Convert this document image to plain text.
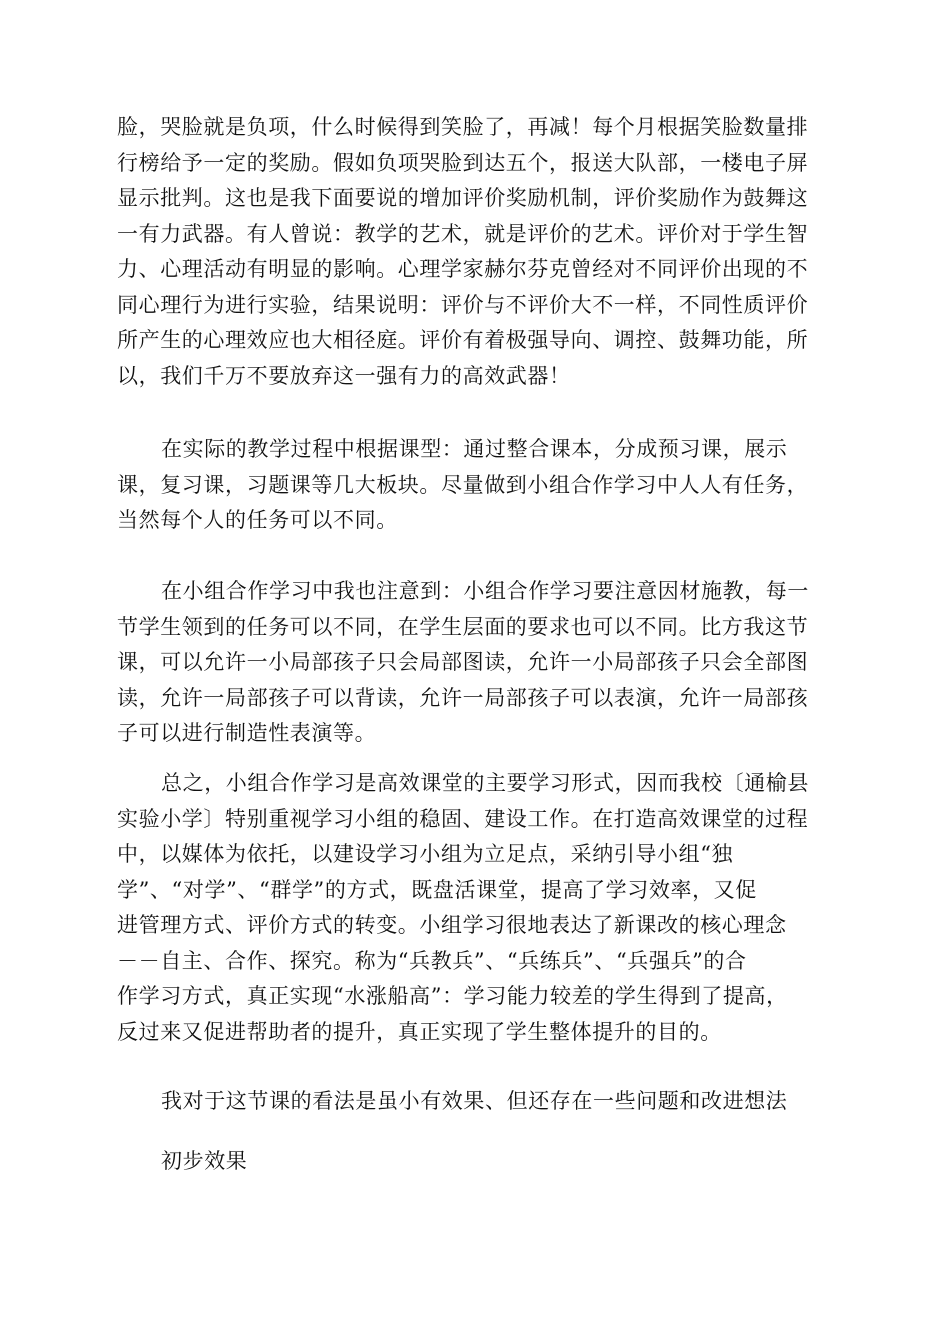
脸，哭脸就是负项，什么时候得到笑脸了，再减！每个月根据笑脸数量排
行榜给予一定的奖励。假如负项哭脸到达五个，报送大队部，一楼电子屏
显示批判。这也是我下面要说的增加评价奖励机制，评价奖励作为鼓舞这
一有力武器。有人曾说：教学的艺术，就是评价的艺术。评价对于学生智
力、心理活动有明显的影响。心理学家赫尔芬克曾经对不同评价出现的不
同心理行为进行实验，结果说明：评价与不评价大不一样，不同性质评价
所产生的心理效应也大相径庭。评价有着极强导向、调控、鼓舞功能，所
以，我们千万不要放弃这一强有力的高效武器！
在实际的教学过程中根据课型：通过整合课本，分成预习课，展示
课，复习课，习题课等几大板块。尽量做到小组合作学习中人人有任务，
当然每个人的任务可以不同。
在小组合作学习中我也注意到：小组合作学习要注意因材施教，每一
节学生领到的任务可以不同，在学生层面的要求也可以不同。比方我这节
课，可以允许一小局部孩子只会局部图读，允许一小局部孩子只会全部图
读，允许一局部孩子可以背读，允许一局部孩子可以表演，允许一局部孩
子可以进行制造性表演等。
总之，小组合作学习是高效课堂的主要学习形式，因而我校〔通榆县
实验小学〕特别重视学习小组的稳固、建设工作。在打造高效课堂的过程
中，以媒体为依托，以建设学习小组为立足点，采纳引导小组“独
学”、“对学”、“群学”的方式，既盘活课堂，提高了学习效率，又促
进管理方式、评价方式的转变。小组学习很地表达了新课改的核心理念
－－自主、合作、探究。称为“兵教兵”、“兵练兵”、“兵强兵”的合
作学习方式，真正实现“水涨船高”：学习能力较差的学生得到了提高，
反过来又促进帮助者的提升，真正实现了学生整体提升的目的。
我对于这节课的看法是虽小有效果、但还存在一些问题和改进想法
初步效果
